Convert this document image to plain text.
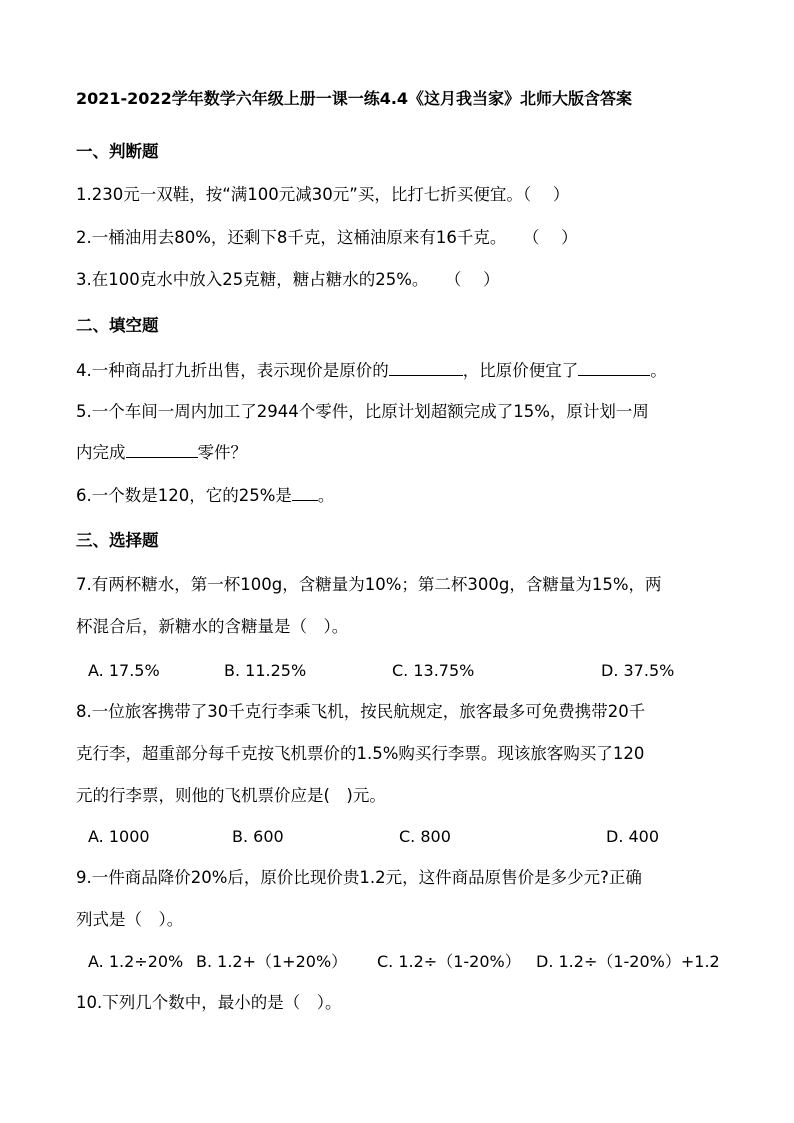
2021-2022学年数学六年级上册一课一练4.4《这月我当家》北师大版含答案
一、判断题
1.230元一双鞋，按“满100元减30元”买，比打七折买便宜。（　 ）
2.一桶油用去80%，还剩下8千克，这桶油原来有16千克。　　（　 ）
3.在100克水中放入25克糖，糖占糖水的25%。　　（　 ）
二、填空题
4.一种商品打九折出售，表示现价是原价的	，比原价便宜了	。
5.一个车间一周内加工了2944个零件，比原计划超额完成了15%，原计划一周
内完成	零件？
6.一个数是120，它的25%是 。
三、选择题
7.有两杯糖水，第一杯100g，含糖量为10%；第二杯300g，含糖量为15%，两
杯混合后，新糖水的含糖量是（　）。
A. 17.5%	B. 11.25%	C. 13.75%	D. 37.5%
8.一位旅客携带了30千克行李乘飞机，按民航规定，旅客最多可免费携带20千
克行李，超重部分每千克按飞机票价的1.5%购买行李票。现该旅客购买了120
元的行李票，则他的飞机票价应是(　)元。
A. 1000	B. 600	C. 800	D. 400
9.一件商品降价20%后，原价比现价贵1.2元，这件商品原售价是多少元?正确
列式是（　）。
A. 1.2÷20% B. 1.2+（1+20%） C. 1.2÷（1-20%） D. 1.2÷（1-20%）+1.2
10.下列几个数中，最小的是（　）。
